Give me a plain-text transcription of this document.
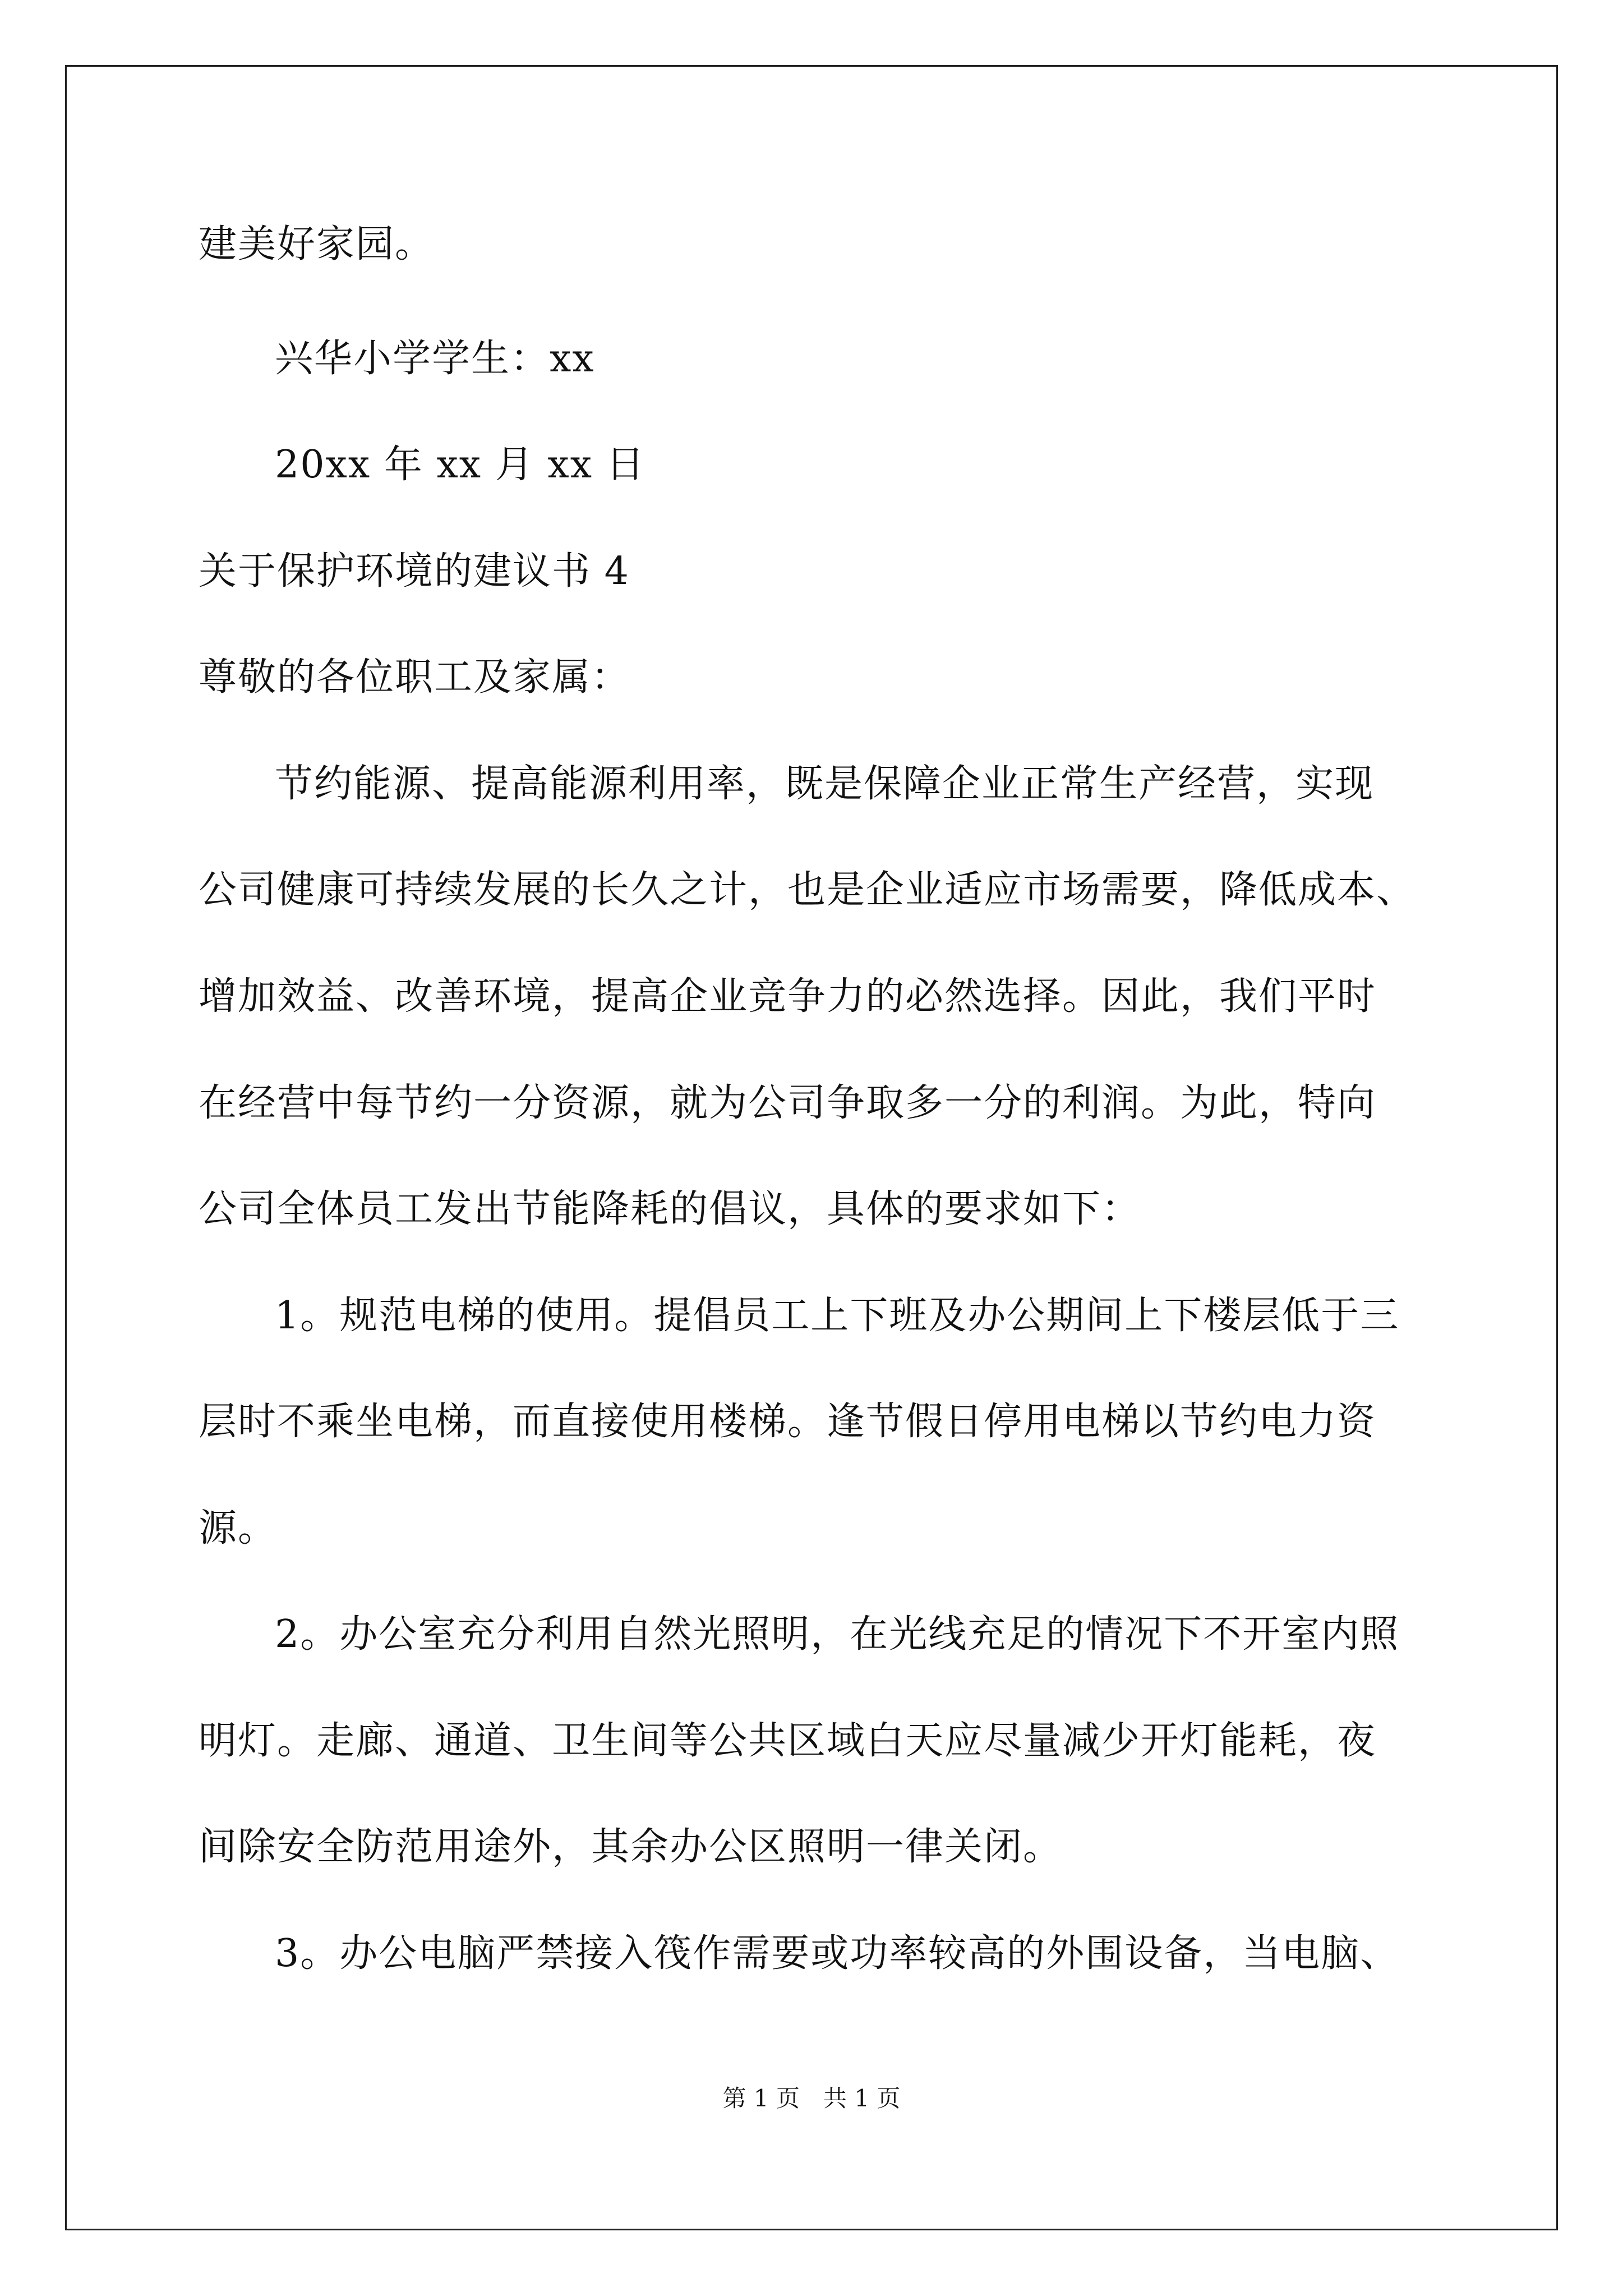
建美好家园。
兴华小学学生：xx
20xx 年 xx 月 xx 日
关于保护环境的建议书 4
尊敬的各位职工及家属：
节约能源、提高能源利用率，既是保障企业正常生产经营，实现
公司健康可持续发展的长久之计，也是企业适应市场需要，降低成本、
增加效益、改善环境，提高企业竞争力的必然选择。因此，我们平时
在经营中每节约一分资源，就为公司争取多一分的利润。为此，特向
公司全体员工发出节能降耗的倡议，具体的要求如下：
1。规范电梯的使用。提倡员工上下班及办公期间上下楼层低于三
层时不乘坐电梯，而直接使用楼梯。逢节假日停用电梯以节约电力资
源。
2。办公室充分利用自然光照明，在光线充足的情况下不开室内照
明灯。走廊、通道、卫生间等公共区域白天应尽量减少开灯能耗，夜
间除安全防范用途外，其余办公区照明一律关闭。
3。办公电脑严禁接入筏作需要或功率较高的外围设备，当电脑、
第 1 页　共 1 页
